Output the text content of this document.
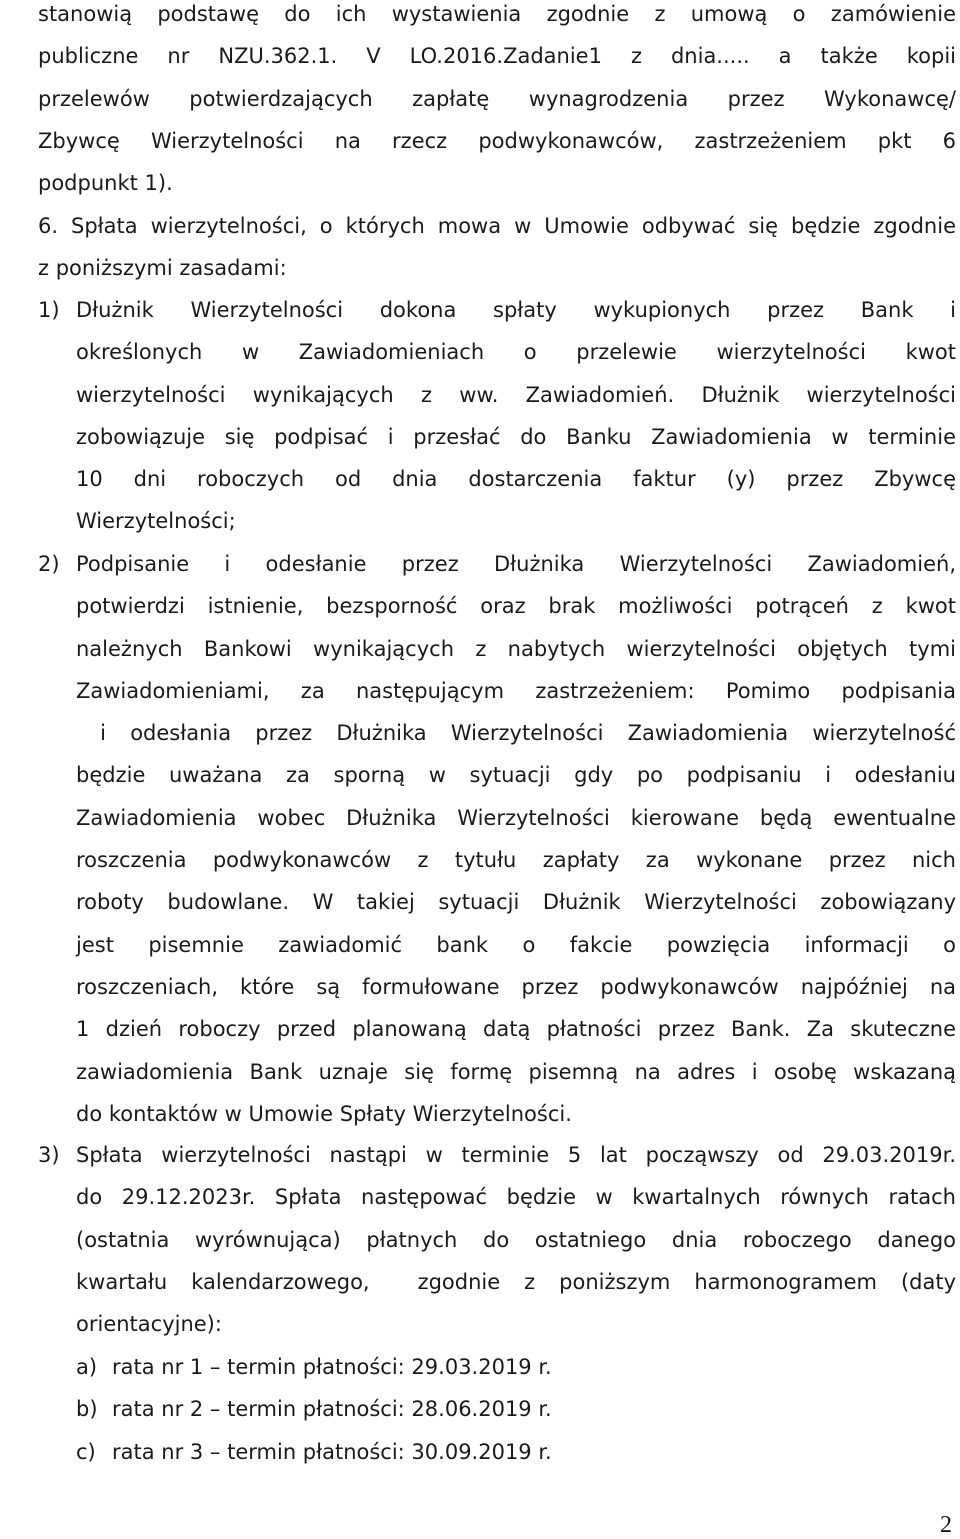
stanowią podstawę do ich wystawienia zgodnie z umową o zamówienie

publiczne nr NZU.362.1. V LO.2016.Zadanie1 z dnia..... a także kopii

przelewów potwierdzających zapłatę wynagrodzenia przez Wykonawcę/

Zbywcę Wierzytelności na rzecz podwykonawców, zastrzeżeniem pkt 6

podpunkt 1).

6. Spłata wierzytelności, o których mowa w Umowie odbywać się będzie zgodnie

z poniższymi zasadami:

1) Dłużnik Wierzytelności dokona spłaty wykupionych przez Bank i

określonych w Zawiadomieniach o przelewie wierzytelności kwot

wierzytelności wynikających z ww. Zawiadomień. Dłużnik wierzytelności

zobowiązuje się podpisać i przesłać do Banku Zawiadomienia w terminie

10 dni roboczych od dnia dostarczenia faktur (y) przez Zbywcę

Wierzytelności;

2) Podpisanie i odesłanie przez Dłużnika Wierzytelności Zawiadomień,

potwierdzi istnienie, bezsporność oraz brak możliwości potrąceń z kwot

należnych Bankowi wynikających z nabytych wierzytelności objętych tymi

Zawiadomieniami, za następującym zastrzeżeniem: Pomimo podpisania

i odesłania przez Dłużnika Wierzytelności Zawiadomienia wierzytelność

będzie uważana za sporną w sytuacji gdy po podpisaniu i odesłaniu

Zawiadomienia wobec Dłużnika Wierzytelności kierowane będą ewentualne

roszczenia podwykonawców z tytułu zapłaty za wykonane przez nich

roboty budowlane. W takiej sytuacji Dłużnik Wierzytelności zobowiązany

jest pisemnie zawiadomić bank o fakcie powzięcia informacji o

roszczeniach, które są formułowane przez podwykonawców najpóźniej na

1 dzień roboczy przed planowaną datą płatności przez Bank. Za skuteczne

zawiadomienia Bank uznaje się formę pisemną na adres i osobę wskazaną

do kontaktów w Umowie Spłaty Wierzytelności.

3) Spłata wierzytelności nastąpi w terminie 5 lat począwszy od 29.03.2019r.

do 29.12.2023r. Spłata następować będzie w kwartalnych równych ratach

(ostatnia wyrównująca) płatnych do ostatniego dnia roboczego danego

kwartału kalendarzowego,  zgodnie z poniższym harmonogramem (daty

orientacyjne):

a) rata nr 1 – termin płatności: 29.03.2019 r.
b) rata nr 2 – termin płatności: 28.06.2019 r.
c) rata nr 3 – termin płatności: 30.09.2019 r.
2
